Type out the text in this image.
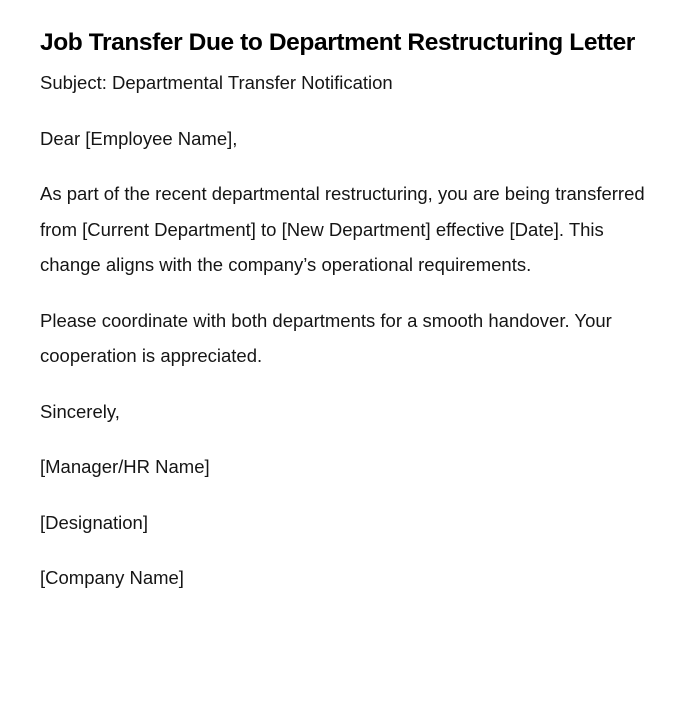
Job Transfer Due to Department Restructuring Letter

Subject: Departmental Transfer Notification

Dear [Employee Name],

As part of the recent departmental restructuring, you are being transferred from [Current Department] to [New Department] effective [Date]. This change aligns with the company’s operational requirements.

Please coordinate with both departments for a smooth handover. Your cooperation is appreciated.

Sincerely,

[Manager/HR Name]

[Designation]

[Company Name]
